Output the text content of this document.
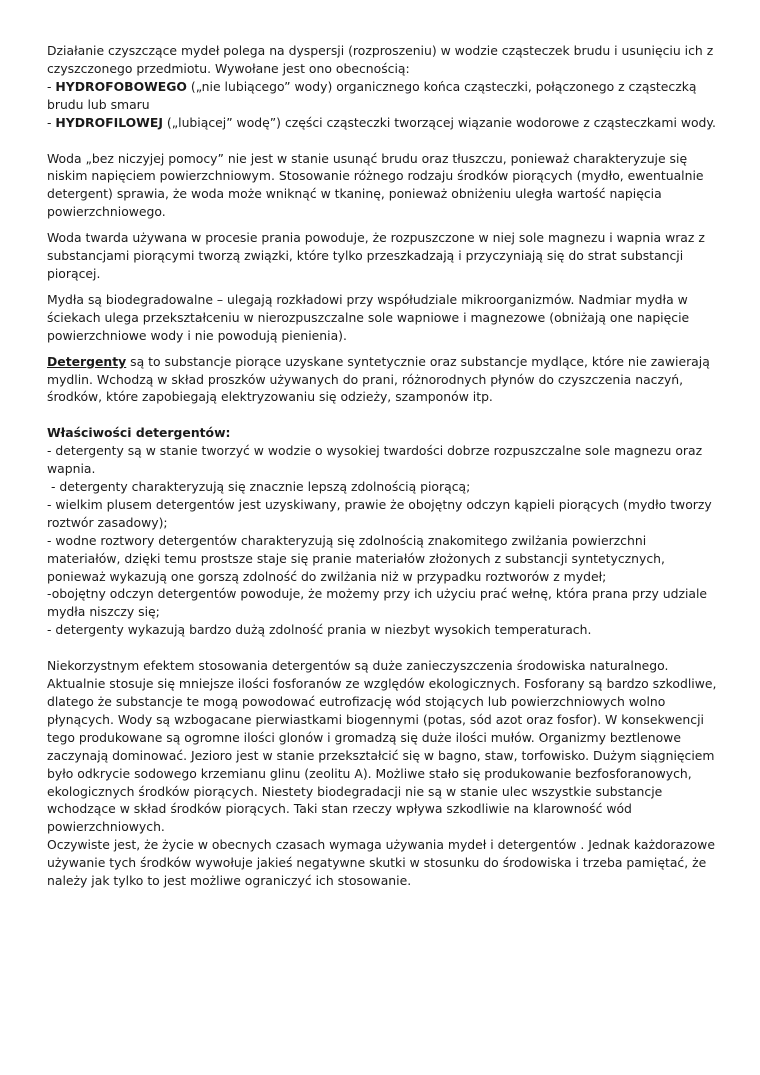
Działanie czyszczące mydeł polega na dyspersji (rozproszeniu) w wodzie cząsteczek brudu i usunięciu ich z czyszczonego przedmiotu. Wywołane jest ono obecnością:

- HYDROFOBOWEGO („nie lubiącego” wody) organicznego końca cząsteczki, połączonego z cząsteczką brudu lub smaru

- HYDROFILOWEJ („lubiącej” wodę”) części cząsteczki tworzącej wiązanie wodorowe z cząsteczkami wody.

Woda „bez niczyjej pomocy” nie jest w stanie usunąć brudu oraz tłuszczu, ponieważ charakteryzuje się niskim napięciem powierzchniowym. Stosowanie różnego rodzaju środków piorących (mydło, ewentualnie detergent) sprawia, że woda może wniknąć w tkaninę, ponieważ obniżeniu uległa wartość napięcia powierzchniowego.

Woda twarda używana w procesie prania powoduje, że rozpuszczone w niej sole magnezu i wapnia wraz z substancjami piorącymi tworzą związki, które tylko przeszkadzają i przyczyniają się do strat substancji piorącej.

Mydła są biodegradowalne – ulegają rozkładowi przy współudziale mikroorganizmów. Nadmiar mydła w ściekach ulega przekształceniu w nierozpuszczalne sole wapniowe i magnezowe (obniżają one napięcie powierzchniowe wody i nie powodują pienienia).

Detergenty są to substancje piorące uzyskane syntetycznie oraz substancje mydlące, które nie zawierają mydlin. Wchodzą w skład proszków używanych do prani, różnorodnych płynów do czyszczenia naczyń, środków, które zapobiegają elektryzowaniu się odzieży, szamponów itp.

Właściwości detergentów:

- detergenty są w stanie tworzyć w wodzie o wysokiej twardości dobrze rozpuszczalne sole magnezu oraz wapnia.

- detergenty charakteryzują się znacznie lepszą zdolnością piorącą;

- wielkim plusem detergentów jest uzyskiwany, prawie że obojętny odczyn kąpieli piorących (mydło tworzy roztwór zasadowy);

- wodne roztwory detergentów charakteryzują się zdolnością znakomitego zwilżania powierzchni materiałów, dzięki temu prostsze staje się pranie materiałów złożonych z substancji syntetycznych, ponieważ wykazują one gorszą zdolność do zwilżania niż w przypadku roztworów z mydeł;

-obojętny odczyn detergentów powoduje, że możemy przy ich użyciu prać wełnę, która prana przy udziale mydła niszczy się;

- detergenty wykazują bardzo dużą zdolność prania w niezbyt wysokich temperaturach.

Niekorzystnym efektem stosowania detergentów są duże zanieczyszczenia środowiska naturalnego. Aktualnie stosuje się mniejsze ilości fosforanów ze względów ekologicznych. Fosforany są bardzo szkodliwe, dlatego że substancje te mogą powodować eutrofizację wód stojących lub powierzchniowych wolno płynących. Wody są wzbogacane pierwiastkami biogennymi (potas, sód azot oraz fosfor). W konsekwencji tego produkowane są ogromne ilości glonów i gromadzą się duże ilości mułów. Organizmy beztlenowe zaczynają dominować. Jezioro jest w stanie przekształcić się w bagno, staw, torfowisko. Dużym siągnięciem było odkrycie sodowego krzemianu glinu (zeolitu A). Możliwe stało się produkowanie bezfosforanowych, ekologicznych środków piorących. Niestety biodegradacji nie są w stanie ulec wszystkie substancje wchodzące w skład środków piorących. Taki stan rzeczy wpływa szkodliwie na klarowność wód powierzchniowych.

Oczywiste jest, że życie w obecnych czasach wymaga używania mydeł i detergentów . Jednak każdorazowe używanie tych środków wywołuje jakieś negatywne skutki w stosunku do środowiska i trzeba pamiętać, że należy jak tylko to jest możliwe ograniczyć ich stosowanie.
